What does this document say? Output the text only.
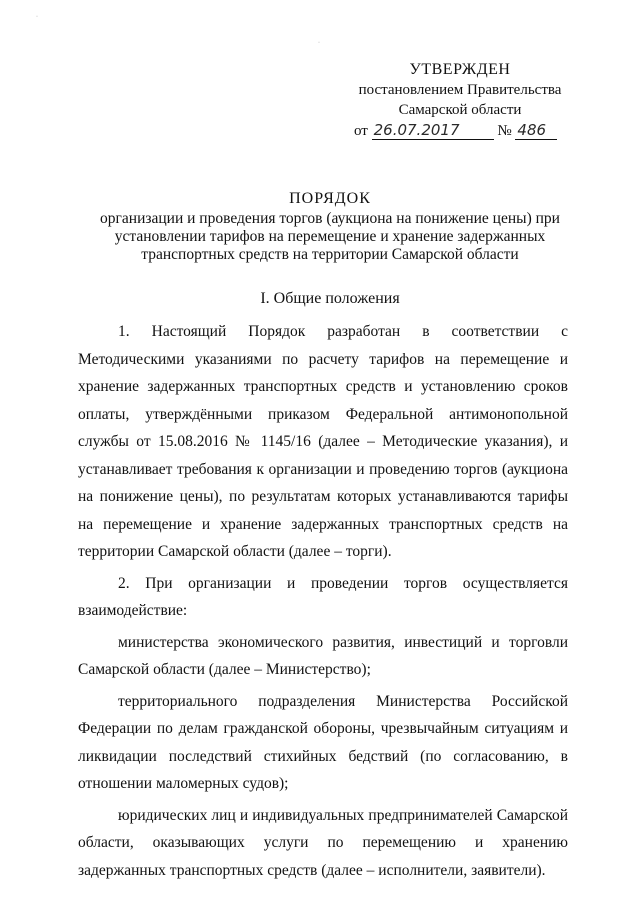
·
·
УТВЕРЖДЕН
постановлением Правительства
Самарской области
от 26.07.2017	№ 486
ПОРЯДОК
организации и проведения торгов (аукциона на понижение цены) при
установлении тарифов на перемещение и хранение задержанных
транспортных средств на территории Самарской области
I. Общие положения

1. Настоящий Порядок разработан в соответствии с Методическими указаниями по расчету тарифов на перемещение и хранение задержанных транспортных средств и установлению сроков оплаты, утверждёнными приказом Федеральной антимонопольной службы от 15.08.2016 № 1145/16 (далее – Методические указания), и устанавливает требования к организации и проведению торгов (аукциона на понижение цены), по результатам которых устанавливаются тарифы на перемещение и хранение задержанных транспортных средств на территории Самарской области (далее – торги).

2. При организации и проведении торгов осуществляется взаимодействие:

министерства экономического развития, инвестиций и торговли Самарской области (далее – Министерство);

территориального подразделения Министерства Российской Федерации по делам гражданской обороны, чрезвычайным ситуациям и ликвидации последствий стихийных бедствий (по согласованию, в отношении маломерных судов);

юридических лиц и индивидуальных предпринимателей Самарской области, оказывающих услуги по перемещению и хранению задержанных транспортных средств (далее – исполнители, заявители).
